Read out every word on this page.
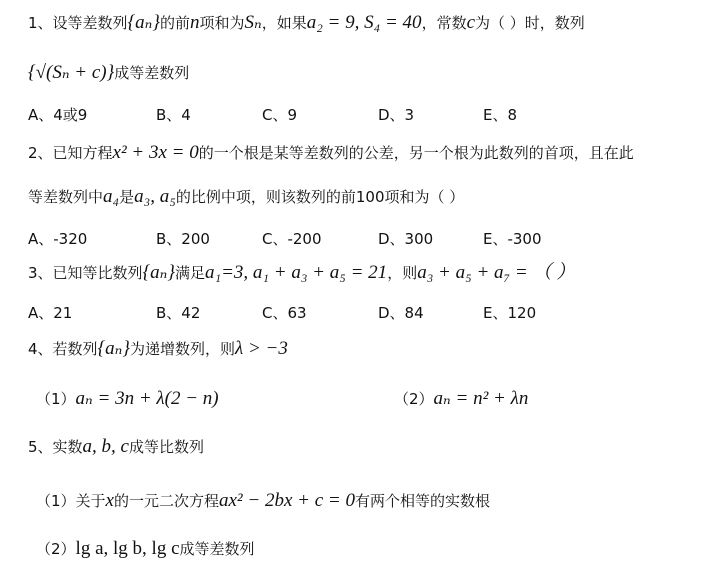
1、设等差数列{aₙ}的前n项和为Sₙ，如果a₂ = 9, S₄ = 40，常数c为（ ）时，数列
{√(Sₙ + c)}成等差数列
A、4或9	B、4	C、9	D、3	E、8
2、已知方程x² + 3x = 0的一个根是某等差数列的公差，另一个根为此数列的首项，且在此
等差数列中a₄是a₃, a₅的比例中项，则该数列的前100项和为（ ）
A、-320	B、200	C、-200	D、300	E、-300
3、已知等比数列{aₙ}满足a₁=3, a₁ + a₃ + a₅ = 21，则a₃ + a₅ + a₇ = （ ）
A、21	B、42	C、63	D、84	E、120
4、若数列{aₙ}为递增数列，则λ > −3
（1）aₙ = 3n + λ(2 − n)	（2）aₙ = n² + λn
5、实数a, b, c成等比数列
（1）关于x的一元二次方程ax² − 2bx + c = 0有两个相等的实数根
（2）lg a, lg b, lg c成等差数列
